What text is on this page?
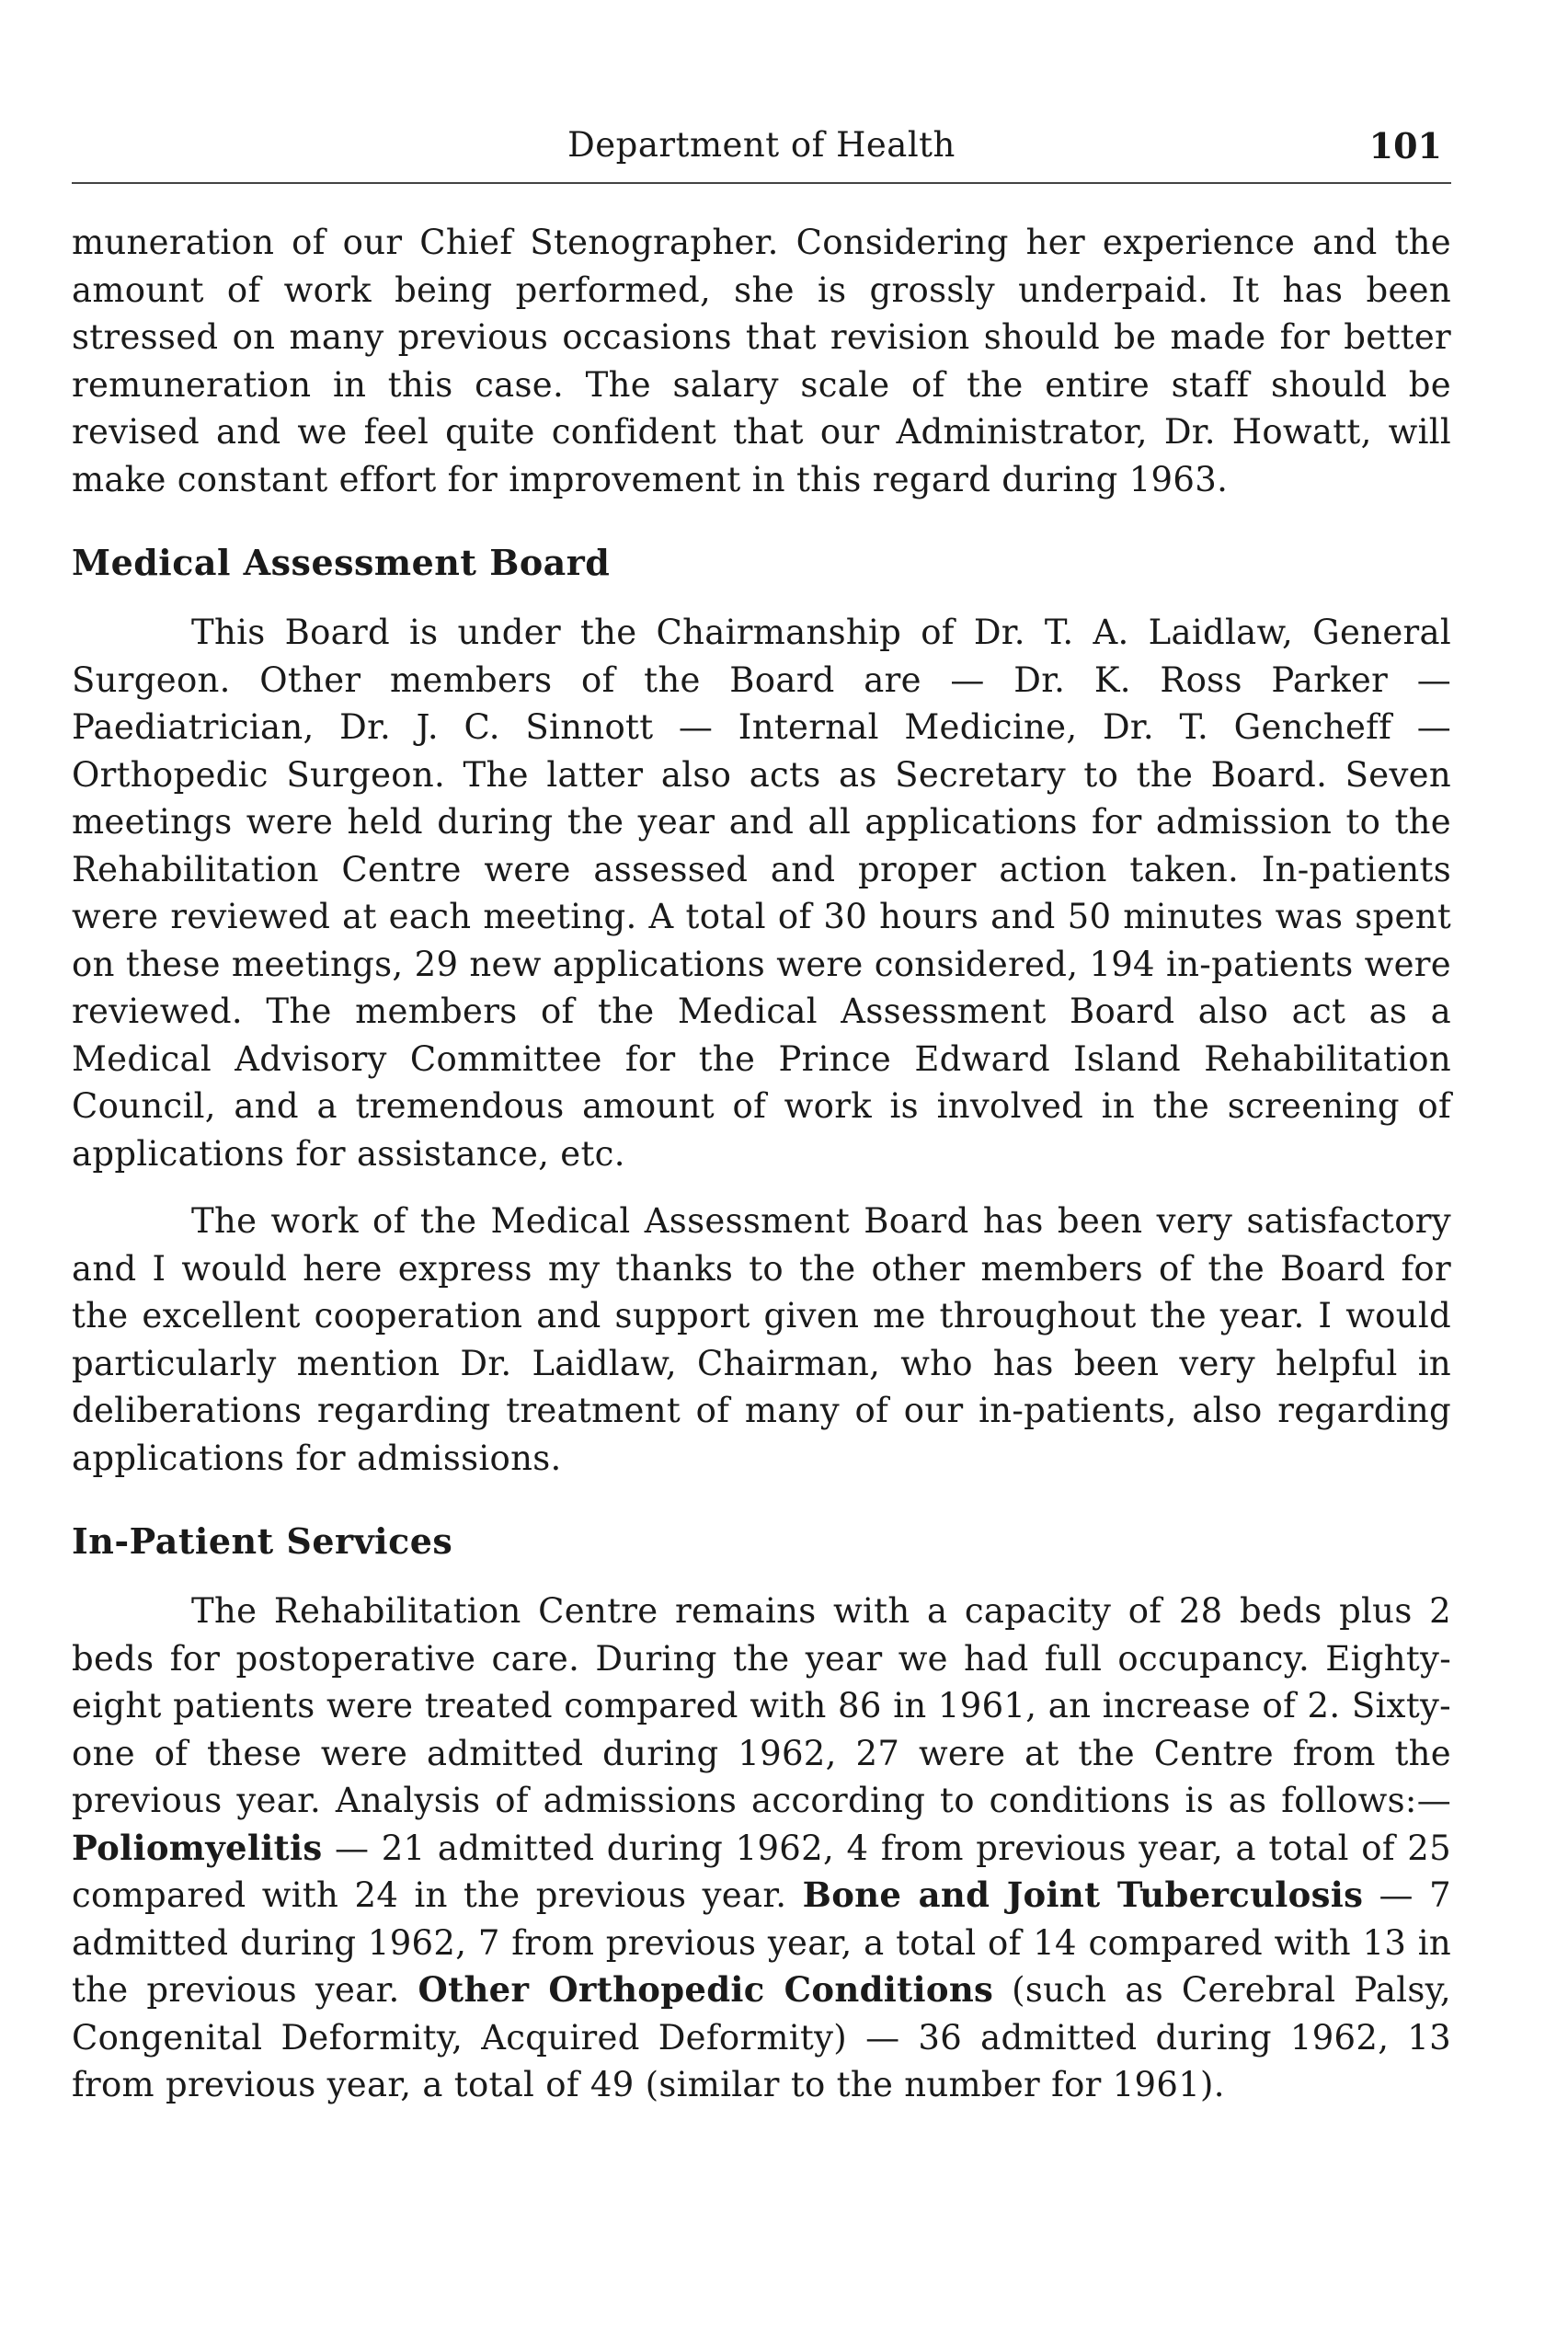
Department of Health	101

muneration of our Chief Stenographer. Considering her experience and the amount of work being performed, she is grossly underpaid. It has been stressed on many previous occasions that revision should be made for better remuneration in this case. The salary scale of the entire staff should be revised and we feel quite confident that our Administrator, Dr. Howatt, will make constant effort for improvement in this regard during 1963.

Medical Assessment Board

This Board is under the Chairmanship of Dr. T. A. Laidlaw, General Surgeon. Other members of the Board are — Dr. K. Ross Parker — Paediatrician, Dr. J. C. Sinnott — Internal Medicine, Dr. T. Gencheff — Orthopedic Surgeon. The latter also acts as Secretary to the Board. Seven meetings were held during the year and all applications for admission to the Rehabilitation Centre were assessed and proper action taken. In-patients were reviewed at each meeting. A total of 30 hours and 50 minutes was spent on these meetings, 29 new applications were considered, 194 in-patients were reviewed. The members of the Medical Assessment Board also act as a Medical Advisory Committee for the Prince Edward Island Rehabilitation Council, and a tremendous amount of work is involved in the screening of applications for assistance, etc.

The work of the Medical Assessment Board has been very satisfactory and I would here express my thanks to the other members of the Board for the excellent cooperation and support given me throughout the year. I would particularly mention Dr. Laidlaw, Chairman, who has been very helpful in deliberations regarding treatment of many of our in-patients, also regarding applications for admissions.

In-Patient Services

The Rehabilitation Centre remains with a capacity of 28 beds plus 2 beds for postoperative care. During the year we had full occupancy. Eighty-eight patients were treated compared with 86 in 1961, an increase of 2. Sixty-one of these were admitted during 1962, 27 were at the Centre from the previous year. Analysis of admissions according to conditions is as follows:— Poliomyelitis — 21 admitted during 1962, 4 from previous year, a total of 25 compared with 24 in the previous year. Bone and Joint Tuberculosis — 7 admitted during 1962, 7 from previous year, a total of 14 compared with 13 in the previous year. Other Orthopedic Conditions (such as Cerebral Palsy, Congenital Deformity, Acquired Deformity) — 36 admitted during 1962, 13 from previous year, a total of 49 (similar to the number for 1961).
